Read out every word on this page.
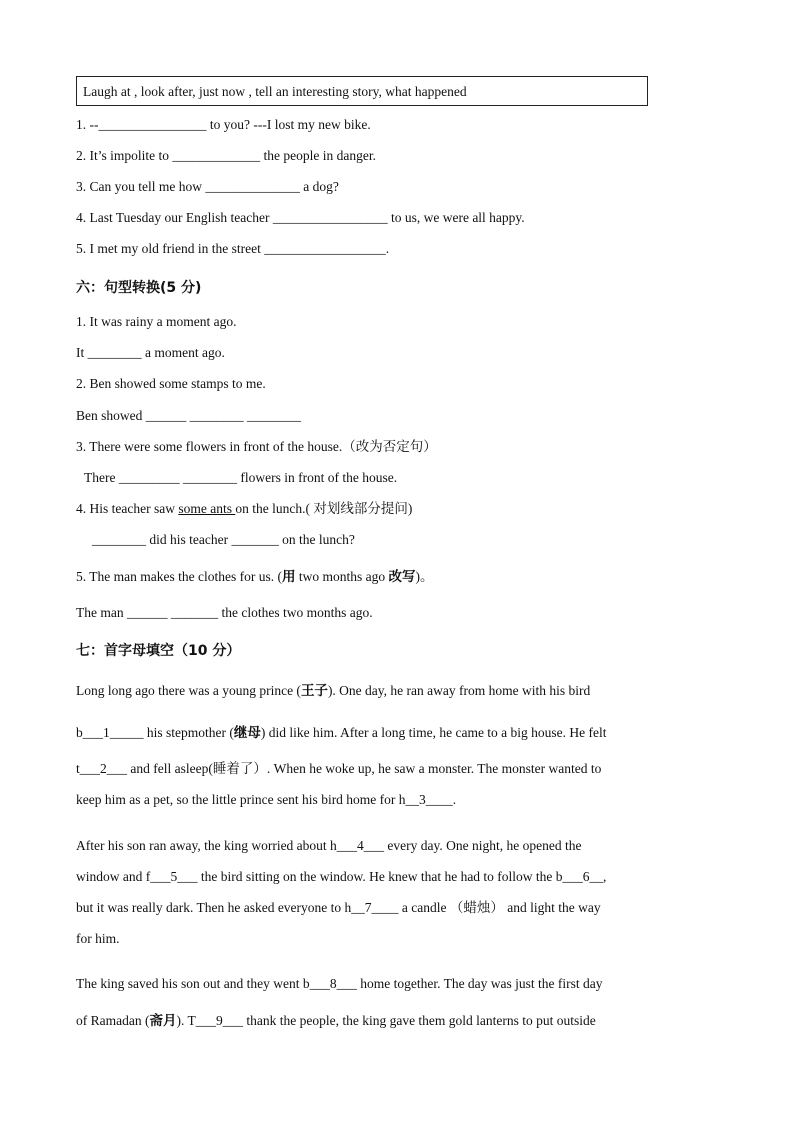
Laugh at , look after, just now , tell an interesting story, what happened
1. --________________ to you? ---I lost my new bike.
2. It’s impolite to _____________ the people in danger.
3. Can you tell me how ______________ a dog?
4. Last Tuesday our English teacher _________________ to us, we were all happy.
5. I met my old friend in the street __________________.
六：句型转换(5 分)
1. It was rainy a moment ago.
It ________ a moment ago.
2. Ben showed some stamps to me.
Ben showed ______ ________ ________
3. There were some flowers in front of the house.（改为否定句）
There _________ ________ flowers in front of the house.
4. His teacher saw some ants on the lunch.( 对划线部分提问)
________ did his teacher _______ on the lunch?
5. The man makes the clothes for us. (用 two months ago 改写)。
The man ______ _______ the clothes two months ago.
七：首字母填空（10 分）

Long long ago there was a young prince (王子). One day, he ran away from home with his bird

b___1_____ his stepmother (继母) did like him. After a long time, he came to a big house. He felt

t___2___ and fell asleep(睡着了）. When he woke up, he saw a monster. The monster wanted to
keep him as a pet, so the little prince sent his bird home for h__3____.
After his son ran away, the king worried about h___4___ every day. One night, he opened the
window and f___5___ the bird sitting on the window. He knew that he had to follow the b___6__,
but it was really dark. Then he asked everyone to h__7____ a candle （蜡烛） and light the way
for him.
The king saved his son out and they went b___8___ home together. The day was just the first day
of Ramadan (斋月). T___9___ thank the people, the king gave them gold lanterns to put outside
